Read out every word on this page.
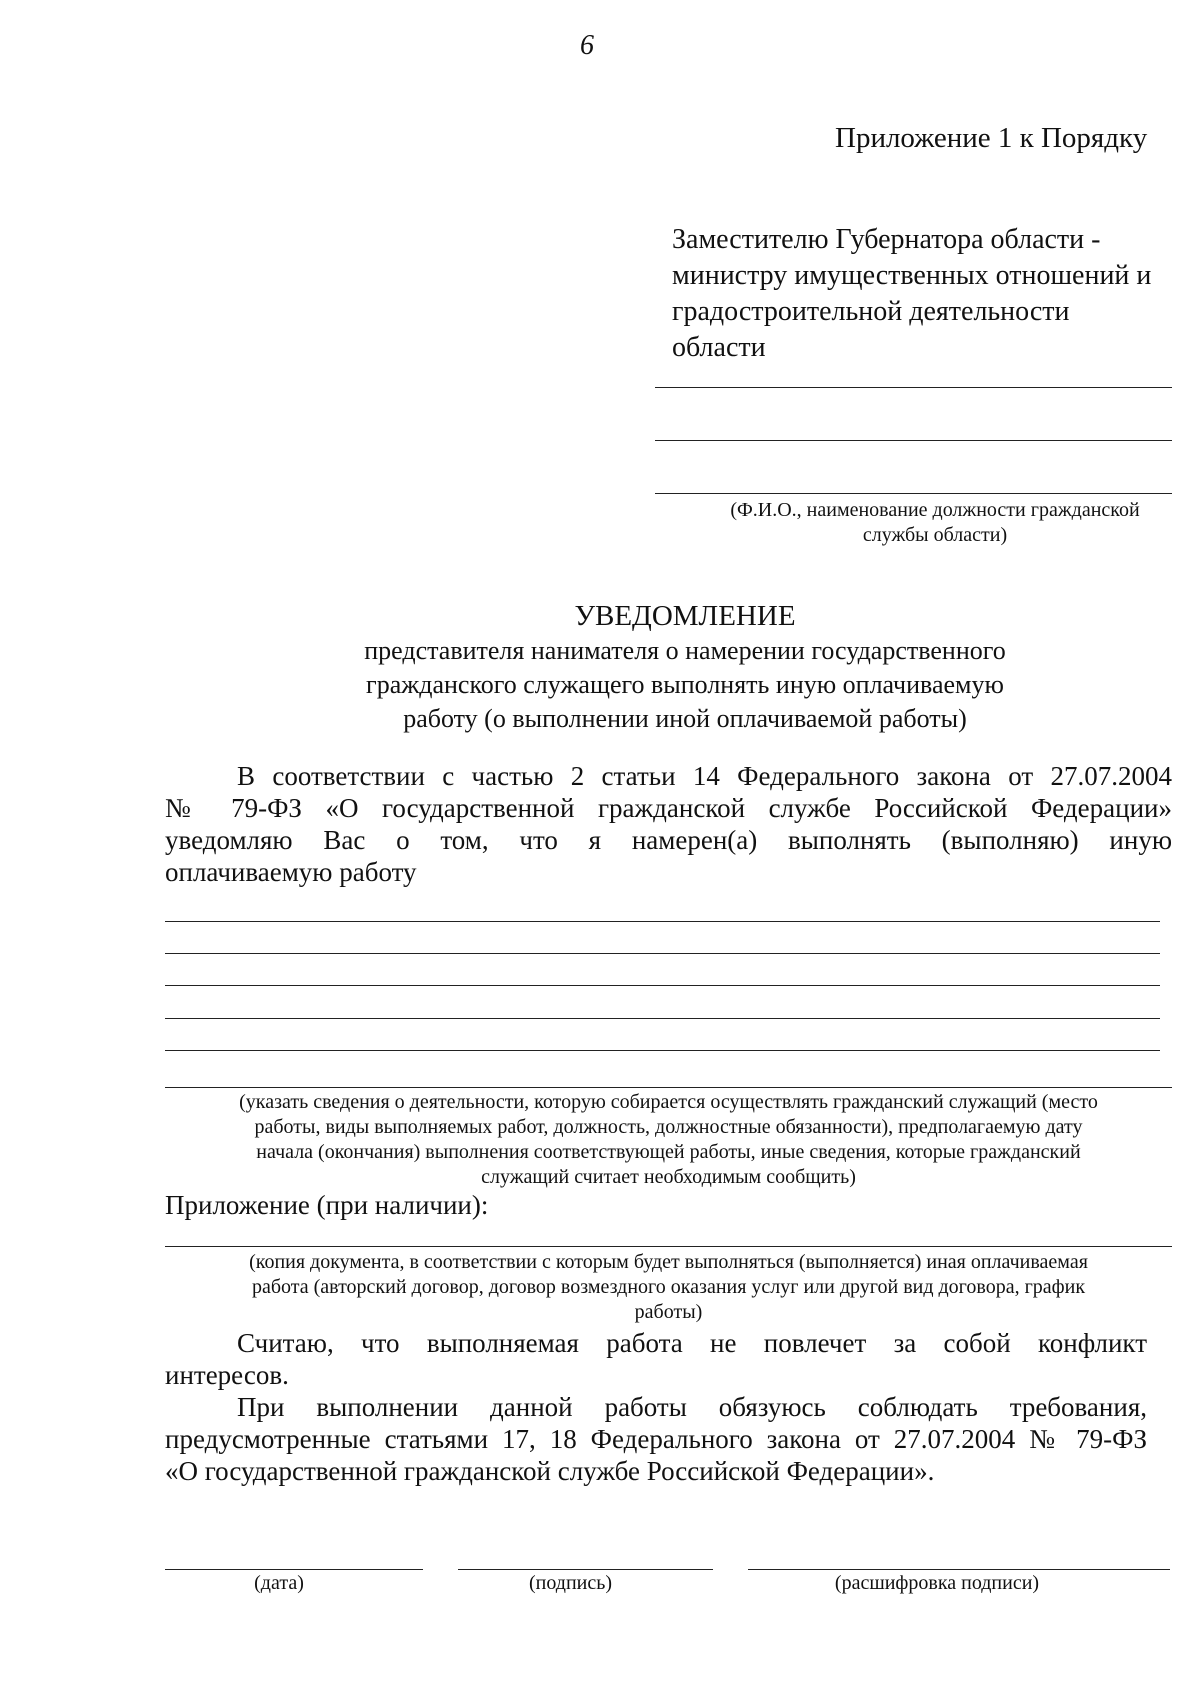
6
Приложение 1 к Порядку
Заместителю Губернатора области -
министру имущественных отношений и
градостроительной деятельности
области
(Ф.И.О., наименование должности гражданской
службы области)
УВЕДОМЛЕНИЕ
представителя нанимателя о намерении государственного
гражданского служащего выполнять иную оплачиваемую
работу (о выполнении иной оплачиваемой работы)
В соответствии с частью 2 статьи 14 Федерального закона от 27.07.2004
№ 79-ФЗ «О государственной гражданской службе Российской Федерации»
уведомляю Вас о том, что я намерен(а) выполнять (выполняю) иную
оплачиваемую работу
(указать сведения о деятельности, которую собирается осуществлять гражданский служащий (место
работы, виды выполняемых работ, должность, должностные обязанности), предполагаемую дату
начала (окончания) выполнения соответствующей работы, иные сведения, которые гражданский
служащий считает необходимым сообщить)
Приложение (при наличии):
(копия документа, в соответствии с которым будет выполняться (выполняется) иная оплачиваемая
работа (авторский договор, договор возмездного оказания услуг или другой вид договора, график
работы)
Считаю, что выполняемая работа не повлечет за собой конфликт
интересов.
При выполнении данной работы обязуюсь соблюдать требования,
предусмотренные статьями 17, 18 Федерального закона от 27.07.2004 № 79-ФЗ
«О государственной гражданской службе Российской Федерации».
(дата)	(подпись)	(расшифровка подписи)
